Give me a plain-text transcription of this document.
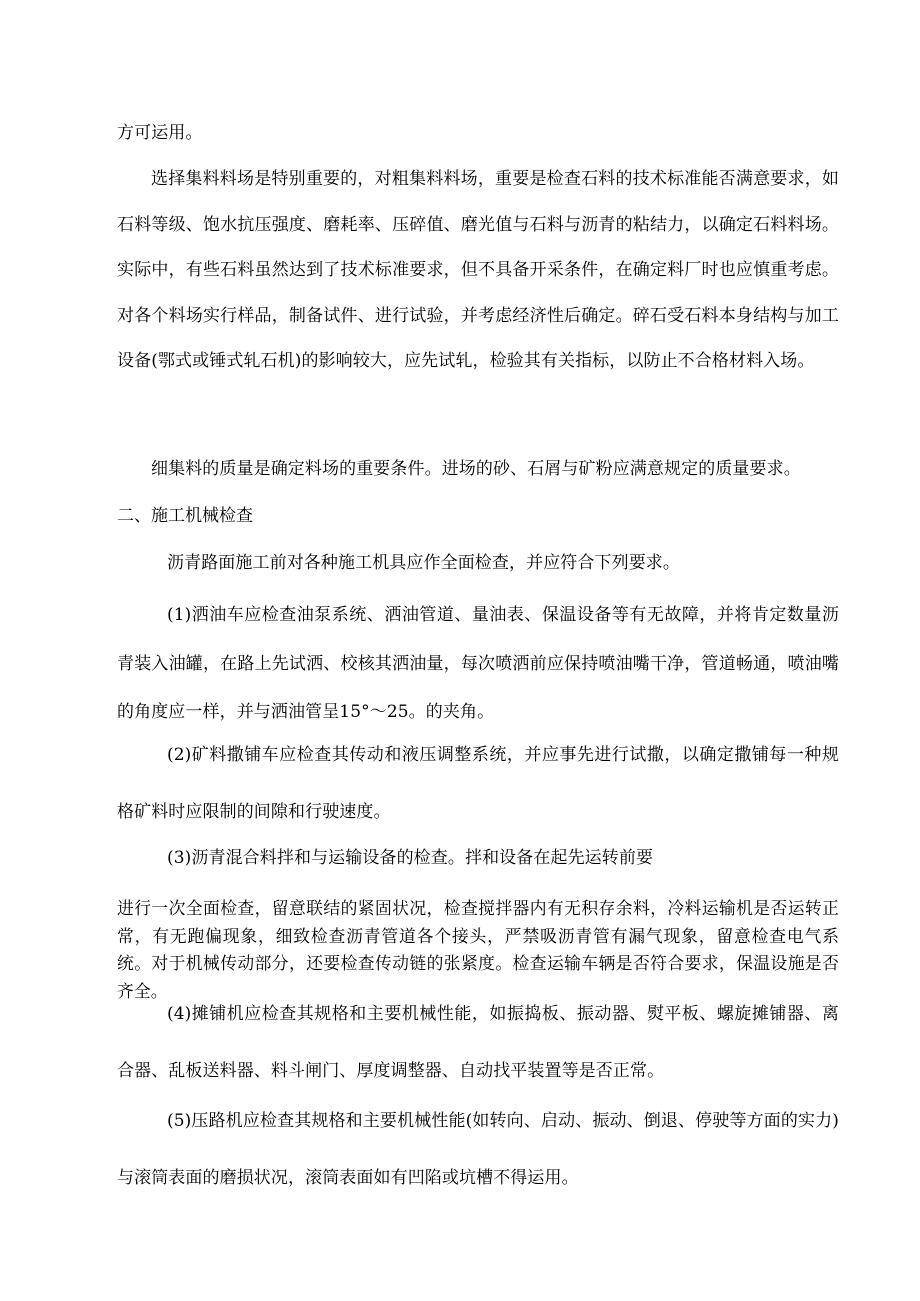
方可运用。

选择集料料场是特别重要的，对粗集料料场，重要是检查石料的技术标准能否满意要求，如石料等级、饱水抗压强度、磨耗率、压碎值、磨光值与石料与沥青的粘结力，以确定石料料场。实际中，有些石料虽然达到了技术标准要求，但不具备开采条件，在确定料厂时也应慎重考虑。对各个料场实行样品，制备试件、进行试验，并考虑经济性后确定。碎石受石料本身结构与加工设备(鄂式或锤式轧石机)的影响较大，应先试轧，检验其有关指标，以防止不合格材料入场。

细集料的质量是确定料场的重要条件。进场的砂、石屑与矿粉应满意规定的质量要求。

二、施工机械检查

沥青路面施工前对各种施工机具应作全面检查，并应符合下列要求。

(1)洒油车应检查油泵系统、洒油管道、量油表、保温设备等有无故障，并将肯定数量沥青装入油罐，在路上先试洒、校核其洒油量，每次喷洒前应保持喷油嘴干净，管道畅通，喷油嘴的角度应一样，并与洒油管呈15°～25。的夹角。

(2)矿料撒铺车应检查其传动和液压调整系统，并应事先进行试撒，以确定撒铺每一种规格矿料时应限制的间隙和行驶速度。

(3)沥青混合料拌和与运输设备的检查。拌和设备在起先运转前要

进行一次全面检查，留意联结的紧固状况，检查搅拌器内有无积存余料，冷料运输机是否运转正常，有无跑偏现象，细致检查沥青管道各个接头，严禁吸沥青管有漏气现象，留意检查电气系统。对于机械传动部分，还要检查传动链的张紧度。检查运输车辆是否符合要求，保温设施是否齐全。

(4)摊铺机应检查其规格和主要机械性能，如振捣板、振动器、熨平板、螺旋摊铺器、离合器、乱板送料器、料斗闸门、厚度调整器、自动找平装置等是否正常。

(5)压路机应检查其规格和主要机械性能(如转向、启动、振动、倒退、停驶等方面的实力)与滚筒表面的磨损状况，滚筒表面如有凹陷或坑槽不得运用。
